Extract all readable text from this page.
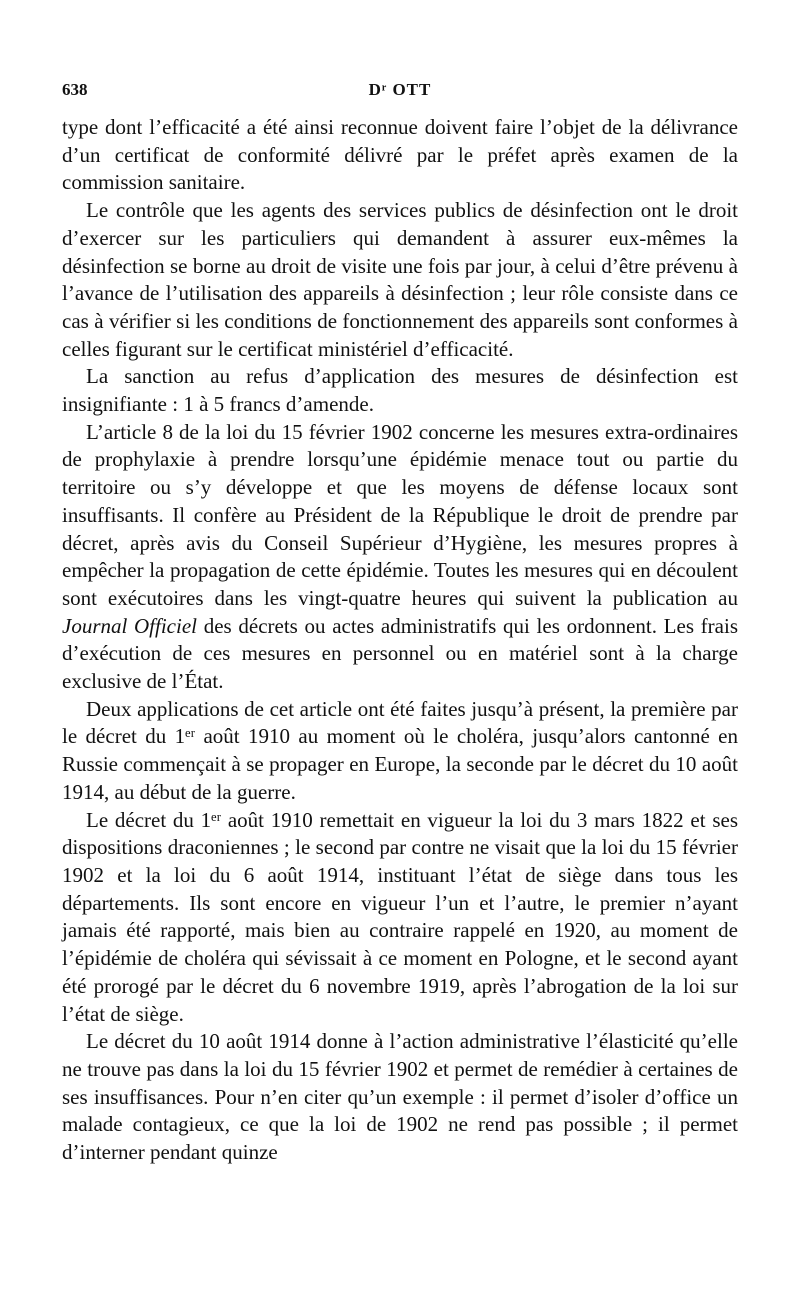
638	Dʳ OTT

type dont l’efficacité a été ainsi reconnue doivent faire l’objet de la délivrance d’un certificat de conformité délivré par le préfet après examen de la commission sanitaire.

Le contrôle que les agents des services publics de désinfection ont le droit d’exercer sur les particuliers qui demandent à assurer eux-mêmes la désinfection se borne au droit de visite une fois par jour, à celui d’être prévenu à l’avance de l’utilisation des appareils à désinfection ; leur rôle consiste dans ce cas à vérifier si les conditions de fonctionnement des appareils sont conformes à celles figurant sur le certificat ministériel d’efficacité.

La sanction au refus d’application des mesures de désinfection est insignifiante : 1 à 5 francs d’amende.

L’article 8 de la loi du 15 février 1902 concerne les mesures extra-ordinaires de prophylaxie à prendre lorsqu’une épidémie menace tout ou partie du territoire ou s’y développe et que les moyens de défense locaux sont insuffisants. Il confère au Président de la République le droit de prendre par décret, après avis du Conseil Supérieur d’Hygiène, les mesures propres à empêcher la propagation de cette épidémie. Toutes les mesures qui en découlent sont exécutoires dans les vingt-quatre heures qui suivent la publication au Journal Officiel des décrets ou actes administratifs qui les ordonnent. Les frais d’exécution de ces mesures en personnel ou en matériel sont à la charge exclusive de l’État.

Deux applications de cet article ont été faites jusqu’à présent, la première par le décret du 1ᵉʳ août 1910 au moment où le choléra, jusqu’alors cantonné en Russie commençait à se propager en Europe, la seconde par le décret du 10 août 1914, au début de la guerre.

Le décret du 1ᵉʳ août 1910 remettait en vigueur la loi du 3 mars 1822 et ses dispositions draconiennes ; le second par contre ne visait que la loi du 15 février 1902 et la loi du 6 août 1914, instituant l’état de siège dans tous les départements. Ils sont encore en vigueur l’un et l’autre, le premier n’ayant jamais été rapporté, mais bien au contraire rappelé en 1920, au moment de l’épidémie de choléra qui sévissait à ce moment en Pologne, et le second ayant été prorogé par le décret du 6 novembre 1919, après l’abrogation de la loi sur l’état de siège.

Le décret du 10 août 1914 donne à l’action administrative l’élasticité qu’elle ne trouve pas dans la loi du 15 février 1902 et permet de remédier à certaines de ses insuffisances. Pour n’en citer qu’un exemple : il permet d’isoler d’office un malade contagieux, ce que la loi de 1902 ne rend pas possible ; il permet d’interner pendant quinze
